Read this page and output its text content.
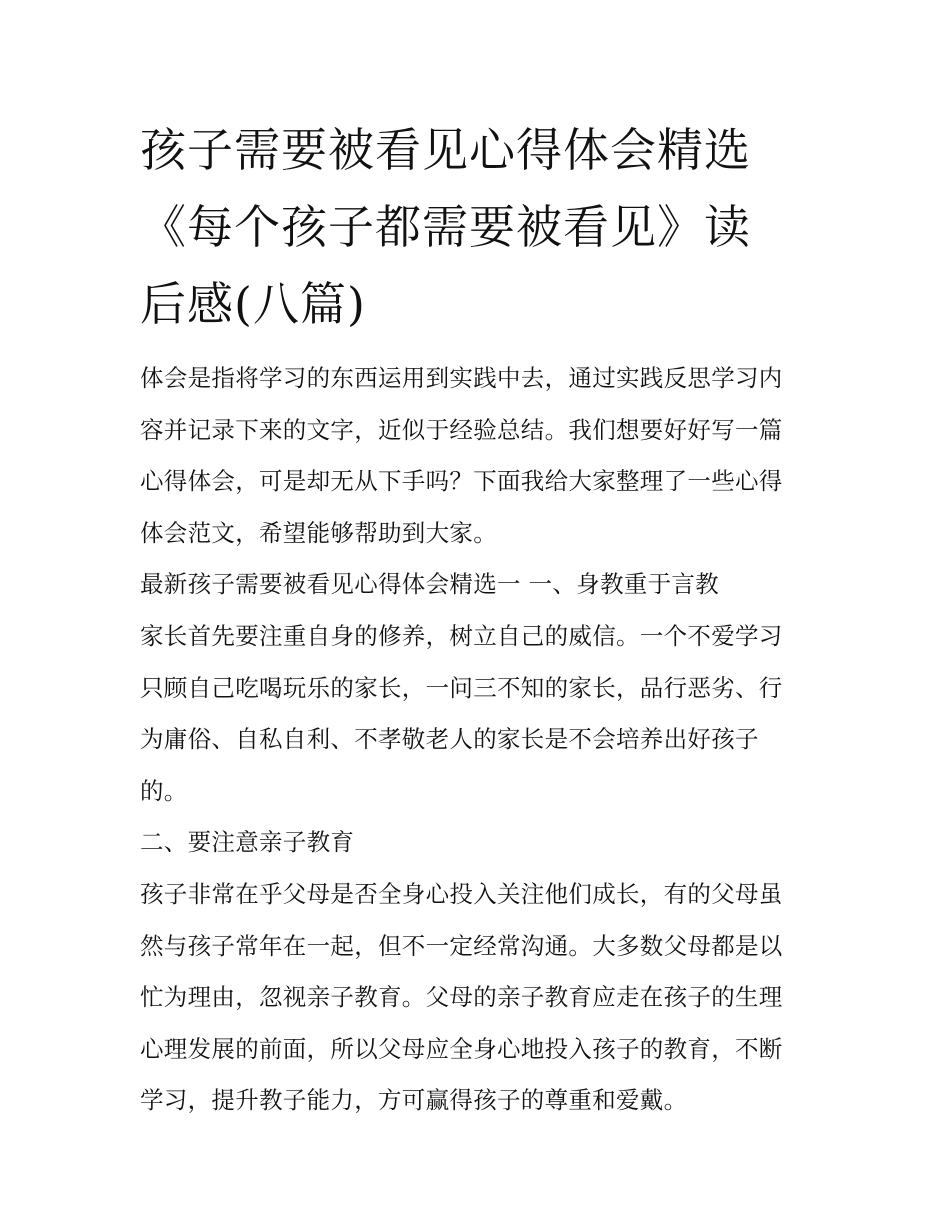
孩子需要被看见心得体会精选
《每个孩子都需要被看见》读
后感(八篇)
体会是指将学习的东西运用到实践中去，通过实践反思学习内
容并记录下来的文字，近似于经验总结。我们想要好好写一篇
心得体会，可是却无从下手吗？下面我给大家整理了一些心得
体会范文，希望能够帮助到大家。
最新孩子需要被看见心得体会精选一 一、身教重于言教
家长首先要注重自身的修养，树立自己的威信。一个不爱学习
只顾自己吃喝玩乐的家长，一问三不知的家长，品行恶劣、行
为庸俗、自私自利、不孝敬老人的家长是不会培养出好孩子
的。
二、要注意亲子教育
孩子非常在乎父母是否全身心投入关注他们成长，有的父母虽
然与孩子常年在一起，但不一定经常沟通。大多数父母都是以
忙为理由，忽视亲子教育。父母的亲子教育应走在孩子的生理
心理发展的前面，所以父母应全身心地投入孩子的教育，不断
学习，提升教子能力，方可赢得孩子的尊重和爱戴。
